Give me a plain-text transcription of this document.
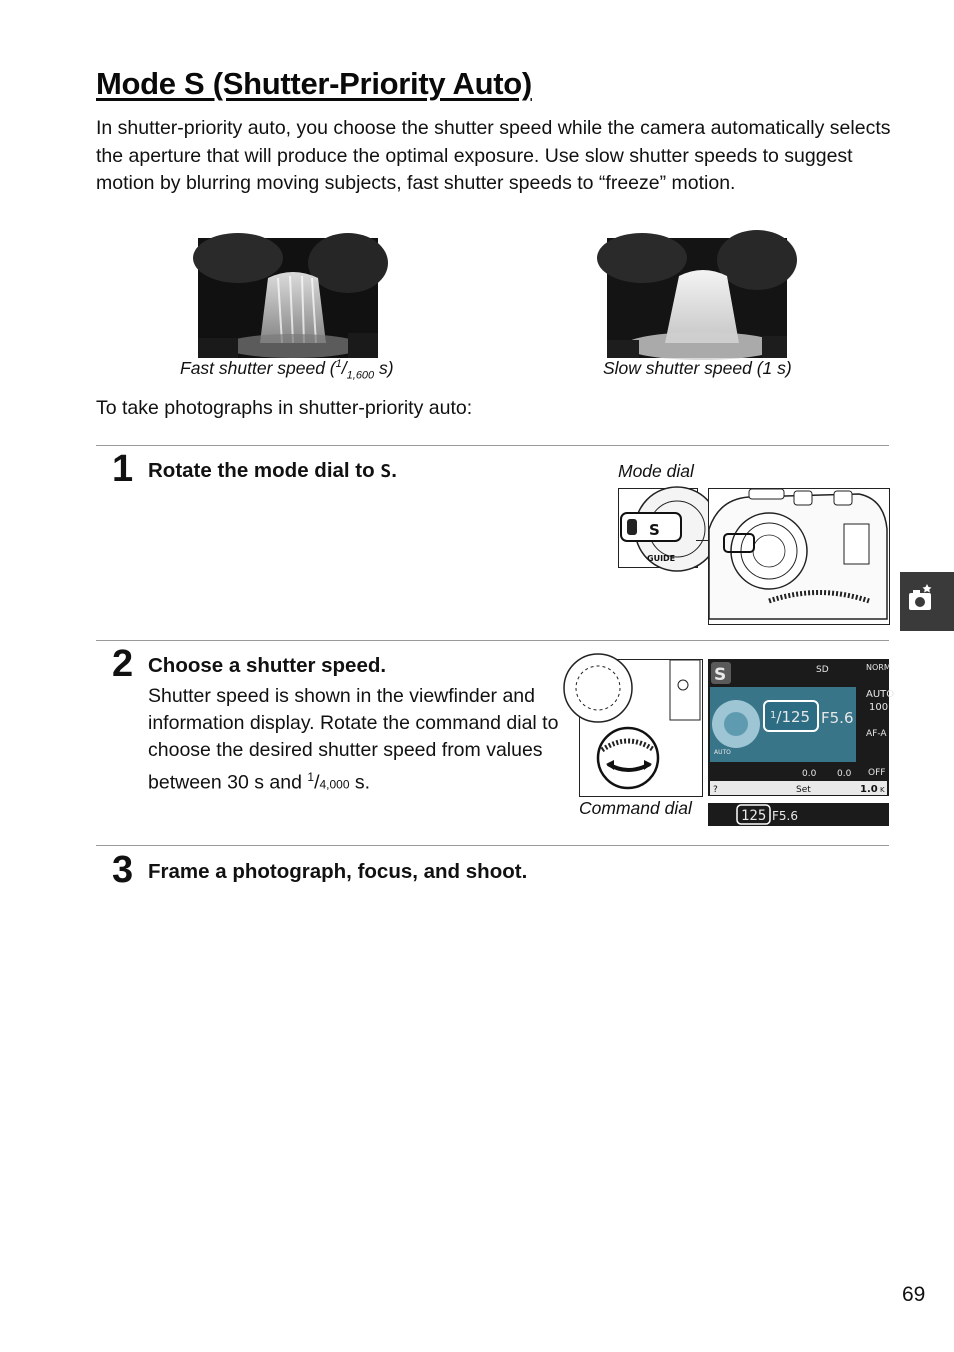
Mode S (Shutter-Priority Auto)

In shutter-priority auto, you choose the shutter speed while the camera automatically selects the aperture that will produce the optimal exposure. Use slow shutter speeds to suggest motion by blurring moving subjects, fast shutter speeds to “freeze” motion.

Fast shutter speed ($^1/_{1,600}$ s)	Slow shutter speed (1 s)

To take photographs in shutter-priority auto:

1 Rotate the mode dial to S.	Mode dial
S
GUIDE
2 Choose a shutter speed.

Shutter speed is shown in the viewfinder and information display. Rotate the command dial to choose the desired shutter speed from values between 30 s and $^1$/4,000 s.

Command dial
S	SD	NORM
AUTO
100
AF-A
OFF
$^1$/125 F5.6
AUTO
0.0 0.0
?	Set	1.0 K
125 F5.6
3 Frame a photograph, focus, and shoot.
69
